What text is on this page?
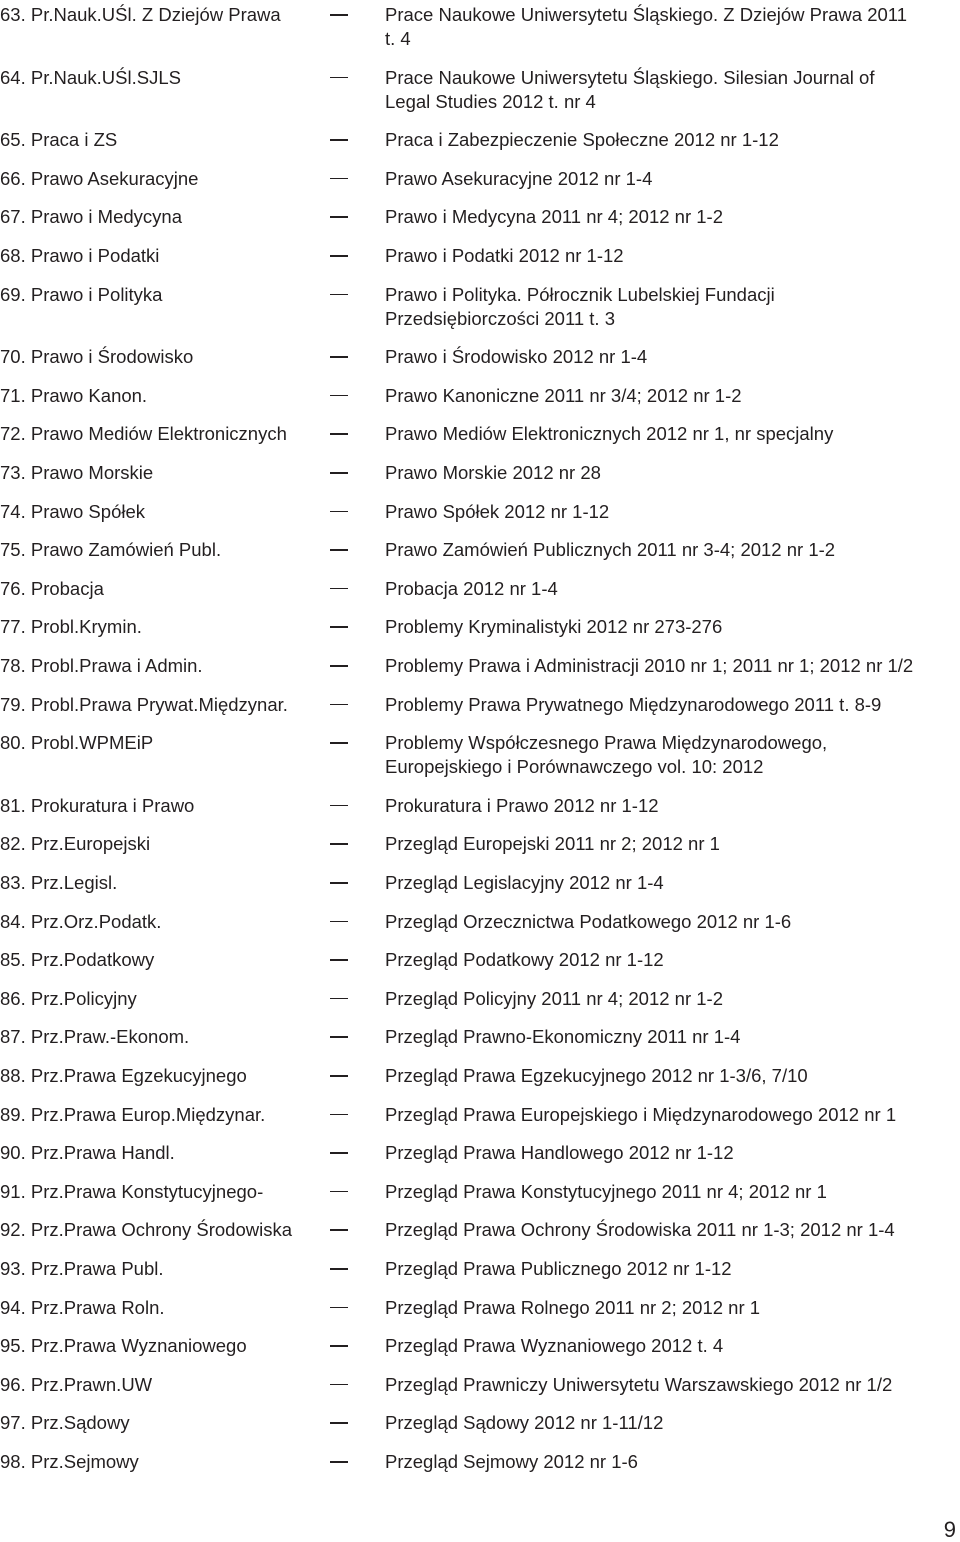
63. Pr.Nauk.UŚl. Z Dziejów Prawa	Prace Naukowe Uniwersytetu Śląskiego. Z Dziejów Prawa 2011
t. 4
64. Pr.Nauk.UŚl.SJLS	Prace Naukowe Uniwersytetu Śląskiego. Silesian Journal of
Legal Studies 2012 t. nr 4
65. Praca i ZS	Praca i Zabezpieczenie Społeczne 2012 nr 1-12
66. Prawo Asekuracyjne	Prawo Asekuracyjne 2012 nr 1-4
67. Prawo i Medycyna	Prawo i Medycyna 2011 nr 4; 2012 nr 1-2
68. Prawo i Podatki	Prawo i Podatki 2012 nr 1-12
69. Prawo i Polityka	Prawo i Polityka. Półrocznik Lubelskiej Fundacji
Przedsiębiorczości 2011 t. 3
70. Prawo i Środowisko	Prawo i Środowisko 2012 nr 1-4
71. Prawo Kanon.	Prawo Kanoniczne 2011 nr 3/4; 2012 nr 1-2
72. Prawo Mediów Elektronicznych	Prawo Mediów Elektronicznych 2012 nr 1, nr specjalny
73. Prawo Morskie	Prawo Morskie 2012 nr 28
74. Prawo Spółek	Prawo Spółek 2012 nr 1-12
75. Prawo Zamówień Publ.	Prawo Zamówień Publicznych 2011 nr 3-4; 2012 nr 1-2
76. Probacja	Probacja 2012 nr 1-4
77. Probl.Krymin.	Problemy Kryminalistyki 2012 nr 273-276
78. Probl.Prawa i Admin.	Problemy Prawa i Administracji 2010 nr 1; 2011 nr 1; 2012 nr 1/2
79. Probl.Prawa Prywat.Międzynar.	Problemy Prawa Prywatnego Międzynarodowego 2011 t. 8-9
80. Probl.WPMEiP	Problemy Współczesnego Prawa Międzynarodowego,
Europejskiego i Porównawczego vol. 10: 2012
81. Prokuratura i Prawo	Prokuratura i Prawo 2012 nr 1-12
82. Prz.Europejski	Przegląd Europejski 2011 nr 2; 2012 nr 1
83. Prz.Legisl.	Przegląd Legislacyjny 2012 nr 1-4
84. Prz.Orz.Podatk.	Przegląd Orzecznictwa Podatkowego 2012 nr 1-6
85. Prz.Podatkowy	Przegląd Podatkowy 2012 nr 1-12
86. Prz.Policyjny	Przegląd Policyjny 2011 nr 4; 2012 nr 1-2
87. Prz.Praw.-Ekonom.	Przegląd Prawno-Ekonomiczny 2011 nr 1-4
88. Prz.Prawa Egzekucyjnego	Przegląd Prawa Egzekucyjnego 2012 nr 1-3/6, 7/10
89. Prz.Prawa Europ.Międzynar.	Przegląd Prawa Europejskiego i Międzynarodowego 2012 nr 1
90. Prz.Prawa Handl.	Przegląd Prawa Handlowego 2012 nr 1-12
91. Prz.Prawa Konstytucyjnego-	Przegląd Prawa Konstytucyjnego 2011 nr 4; 2012 nr 1
92. Prz.Prawa Ochrony Środowiska	Przegląd Prawa Ochrony Środowiska 2011 nr 1-3; 2012 nr 1-4
93. Prz.Prawa Publ.	Przegląd Prawa Publicznego 2012 nr 1-12
94. Prz.Prawa Roln.	Przegląd Prawa Rolnego 2011 nr 2; 2012 nr 1
95. Prz.Prawa Wyznaniowego	Przegląd Prawa Wyznaniowego 2012 t. 4
96. Prz.Prawn.UW	Przegląd Prawniczy Uniwersytetu Warszawskiego 2012 nr 1/2
97. Prz.Sądowy	Przegląd Sądowy 2012 nr 1-11/12
98. Prz.Sejmowy	Przegląd Sejmowy 2012 nr 1-6
9
